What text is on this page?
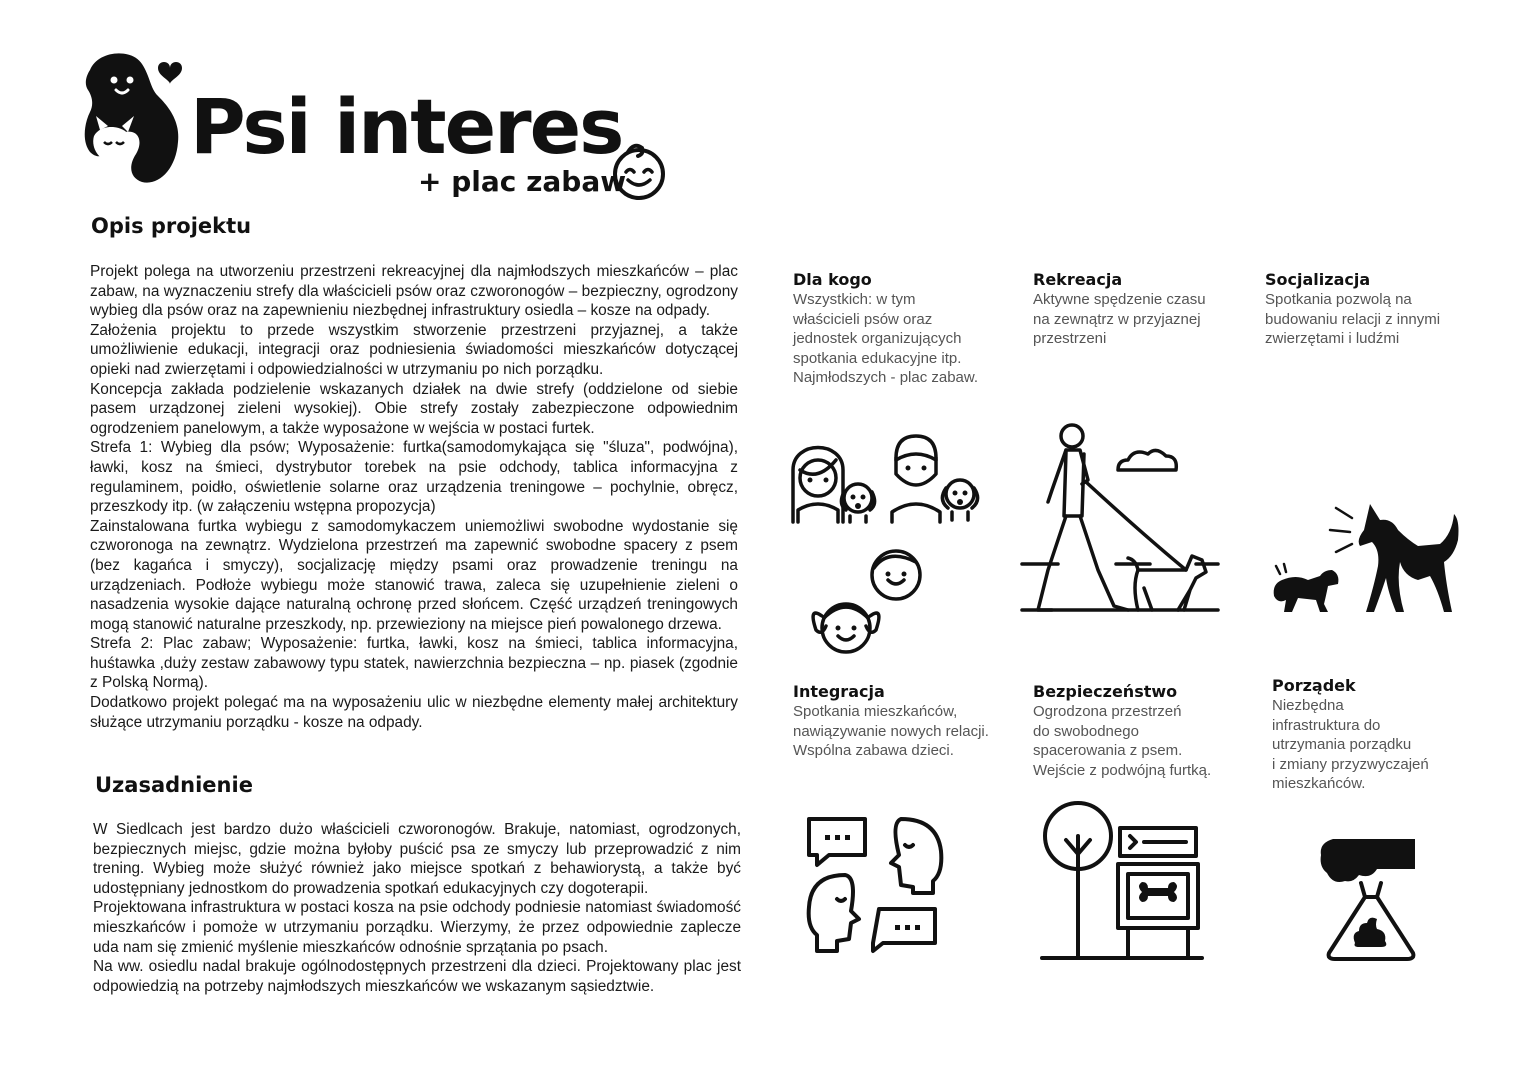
Psi interes
+ plac zabaw
Opis projektu

Projekt polega na utworzeniu przestrzeni rekreacyjnej dla najmłodszych mieszkańców – plac zabaw, na wyznaczeniu strefy dla właścicieli psów oraz czworonogów – bezpieczny, ogrodzony wybieg dla psów oraz na zapewnieniu niezbędnej infrastruktury osiedla – kosze na odpady.

Założenia projektu to przede wszystkim stworzenie przestrzeni przyjaznej, a także umożliwienie edukacji, integracji oraz podniesienia świadomości mieszkańców dotyczącej opieki nad zwierzętami i odpowiedzialności w utrzymaniu po nich porządku.

Koncepcja zakłada podzielenie wskazanych działek na dwie strefy (oddzielone od siebie pasem urządzonej zieleni wysokiej). Obie strefy zostały zabezpieczone odpowiednim ogrodzeniem panelowym, a także wyposażone w wejścia w postaci furtek.

Strefa 1: Wybieg dla psów; Wyposażenie: furtka(samodomykająca się "śluza", podwójna), ławki, kosz na śmieci, dystrybutor torebek na psie odchody, tablica informacyjna z regulaminem, poidło, oświetlenie solarne oraz urządzenia treningowe – pochylnie, obręcz, przeszkody itp. (w załączeniu wstępna propozycja)

Zainstalowana furtka wybiegu z samodomykaczem uniemożliwi swobodne wydostanie się czworonoga na zewnątrz. Wydzielona przestrzeń ma zapewnić swobodne spacery z psem (bez kagańca i smyczy), socjalizację między psami oraz prowadzenie treningu na urządzeniach. Podłoże wybiegu może stanowić trawa, zaleca się uzupełnienie zieleni o nasadzenia wysokie dające naturalną ochronę przed słońcem. Część urządzeń treningowych mogą stanowić naturalne przeszkody, np. przewieziony na miejsce pień powalonego drzewa.

Strefa 2: Plac zabaw; Wyposażenie: furtka, ławki, kosz na śmieci, tablica informacyjna, huśtawka ,duży zestaw zabawowy typu statek, nawierzchnia bezpieczna – np. piasek (zgodnie z Polską Normą).

Dodatkowo projekt polegać ma na wyposażeniu ulic w niezbędne elementy małej architektury służące utrzymaniu porządku - kosze na odpady.

Uzasadnienie

W Siedlcach jest bardzo dużo właścicieli czworonogów. Brakuje, natomiast, ogrodzonych, bezpiecznych miejsc, gdzie można byłoby puścić psa ze smyczy lub przeprowadzić z nim trening. Wybieg może służyć również jako miejsce spotkań z behawiorystą, a także być udostępniany jednostkom do prowadzenia spotkań edukacyjnych czy dogoterapii.

Projektowana infrastruktura w postaci kosza na psie odchody podniesie natomiast świadomość mieszkańców i pomoże w utrzymaniu porządku. Wierzymy, że przez odpowiednie zaplecze uda nam się zmienić myślenie mieszkańców odnośnie sprzątania po psach.

Na ww. osiedlu nadal brakuje ogólnodostępnych przestrzeni dla dzieci. Projektowany plac jest odpowiedzią na potrzeby najmłodszych mieszkańców we wskazanym sąsiedztwie.

Dla kogo
Wszystkich: w tym
właścicieli psów oraz
jednostek organizujących
spotkania edukacyjne itp.
Najmłodszych - plac zabaw.
Rekreacja
Aktywne spędzenie czasu
na zewnątrz w przyjaznej
przestrzeni
Socjalizacja
Spotkania pozwolą na
budowaniu relacji z innymi
zwierzętami i ludźmi
Integracja
Spotkania mieszkańców,
nawiązywanie nowych relacji.
Wspólna zabawa dzieci.
Bezpieczeństwo
Ogrodzona przestrzeń
do swobodnego
spacerowania z psem.
Wejście z podwójną furtką.
Porządek
Niezbędna
infrastruktura do
utrzymania porządku
i zmiany przyzwyczajeń
mieszkańców.
